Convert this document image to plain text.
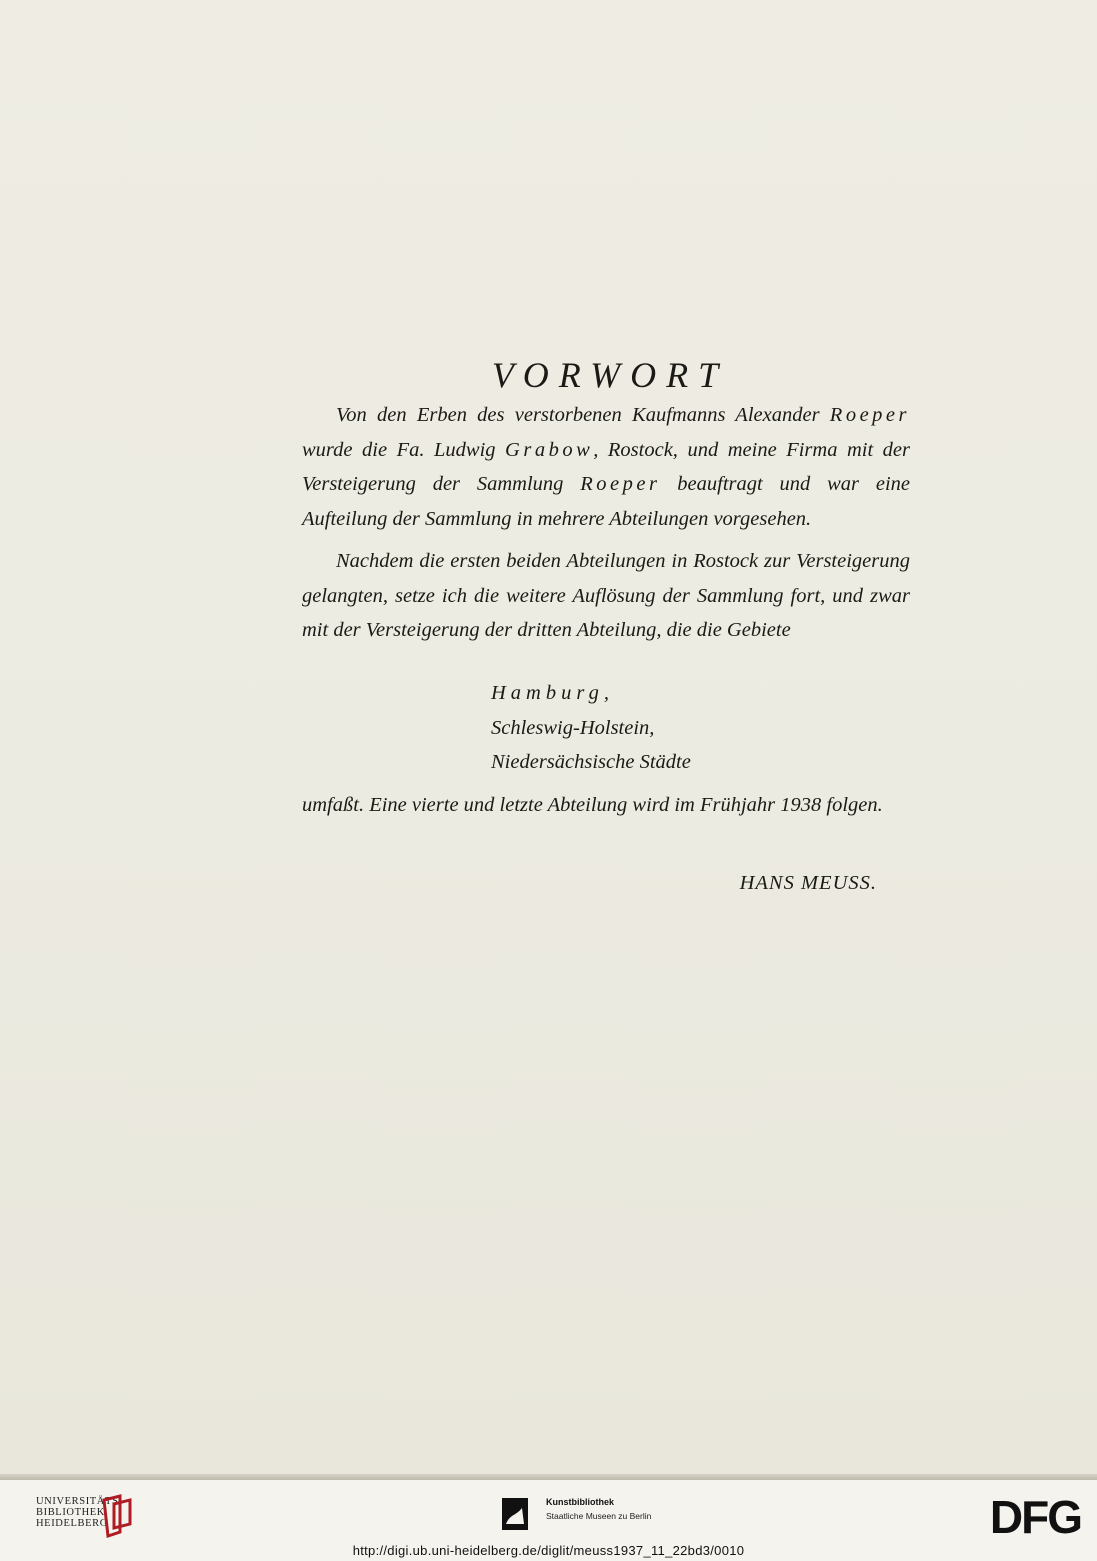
VORWORT

Von den Erben des verstorbenen Kaufmanns Alexander Roeper wurde die Fa. Ludwig Grabow, Rostock, und meine Firma mit der Versteigerung der Sammlung Roeper beauftragt und war eine Aufteilung der Sammlung in mehrere Abteilungen vorgesehen.

Nachdem die ersten beiden Abteilungen in Rostock zur Versteigerung gelangten, setze ich die weitere Auflösung der Sammlung fort, und zwar mit der Versteigerung der dritten Abteilung, die die Gebiete

Hamburg,
Schleswig-Holstein,
Niedersächsische Städte

umfaßt. Eine vierte und letzte Abteilung wird im Frühjahr 1938 folgen.

HANS MEUSS.
UNIVERSITÄTS-
BIBLIOTHEK
HEIDELBERG
Kunstbibliothek
Staatliche Museen zu Berlin	DFG
http://digi.ub.uni-heidelberg.de/diglit/meuss1937_11_22bd3/0010
